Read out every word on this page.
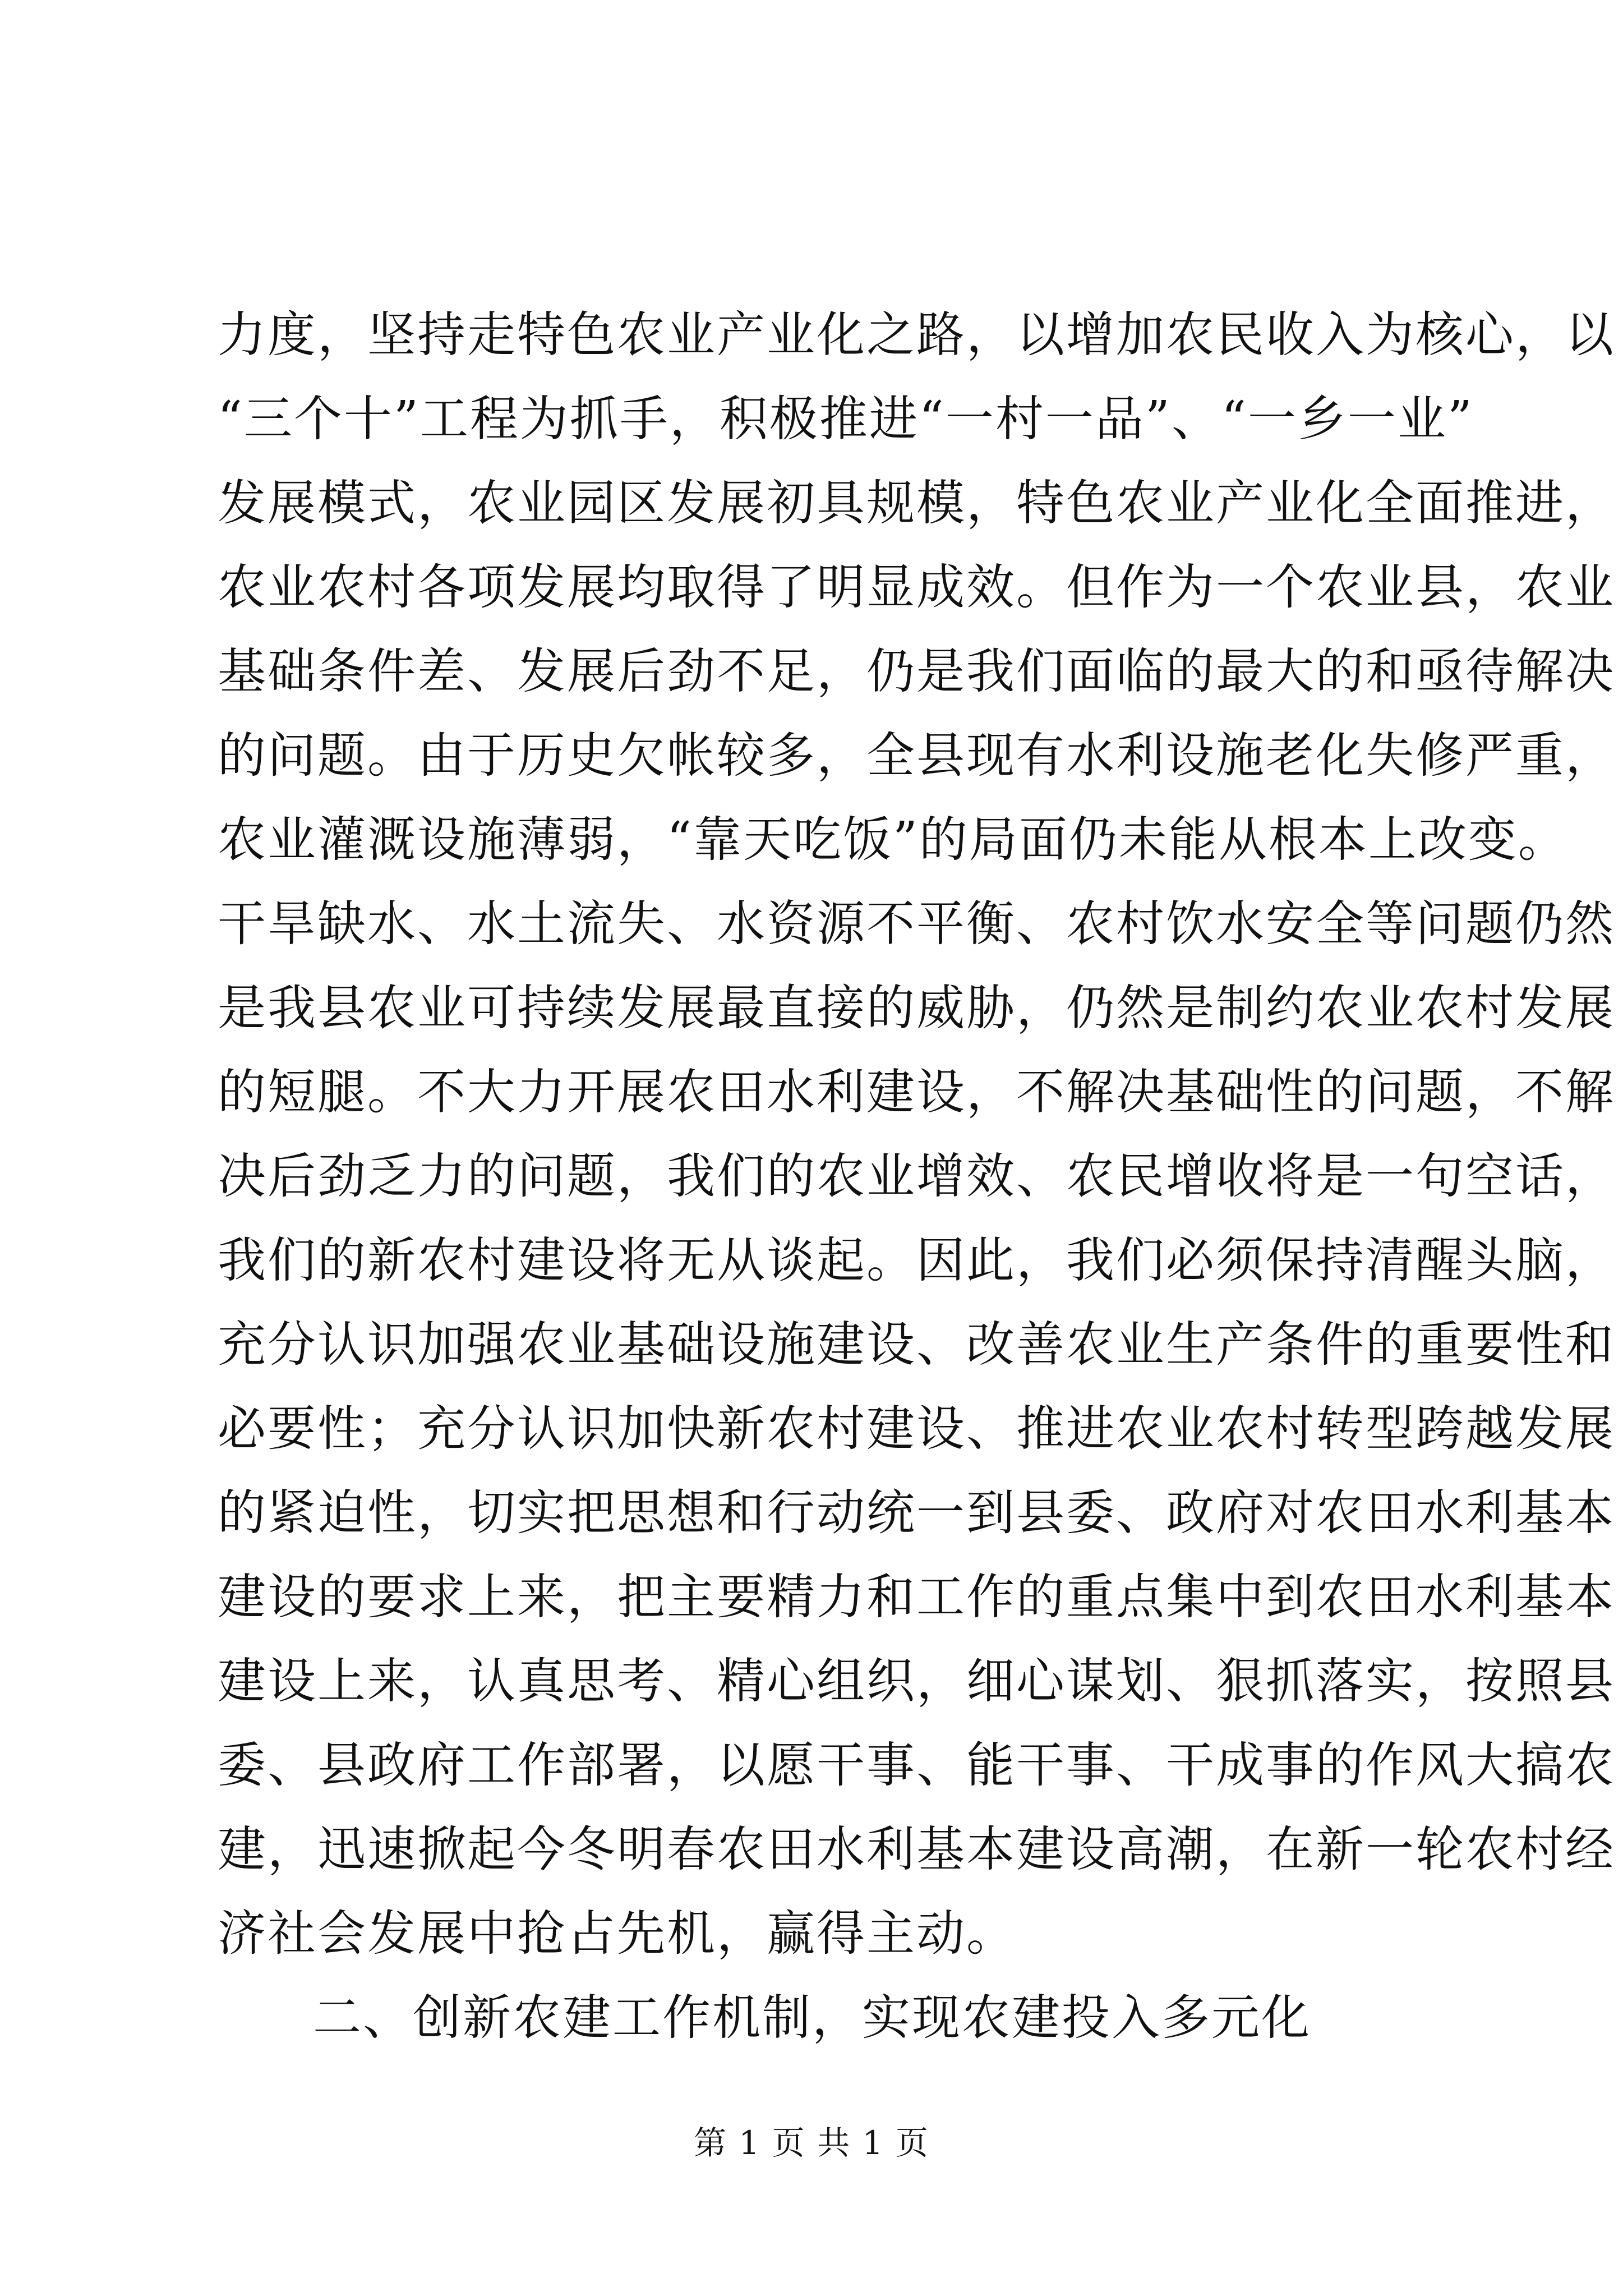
力度，坚持走特色农业产业化之路，以增加农民收入为核心，以
“三个十”工程为抓手，积极推进“一村一品”、“一乡一业”
发展模式，农业园区发展初具规模，特色农业产业化全面推进，
农业农村各项发展均取得了明显成效。但作为一个农业县，农业
基础条件差、发展后劲不足，仍是我们面临的最大的和亟待解决
的问题。由于历史欠帐较多，全县现有水利设施老化失修严重，
农业灌溉设施薄弱，“靠天吃饭”的局面仍未能从根本上改变。
干旱缺水、水土流失、水资源不平衡、农村饮水安全等问题仍然
是我县农业可持续发展最直接的威胁，仍然是制约农业农村发展
的短腿。不大力开展农田水利建设，不解决基础性的问题，不解
决后劲乏力的问题，我们的农业增效、农民增收将是一句空话，
我们的新农村建设将无从谈起。因此，我们必须保持清醒头脑，
充分认识加强农业基础设施建设、改善农业生产条件的重要性和
必要性；充分认识加快新农村建设、推进农业农村转型跨越发展
的紧迫性，切实把思想和行动统一到县委、政府对农田水利基本
建设的要求上来，把主要精力和工作的重点集中到农田水利基本
建设上来，认真思考、精心组织，细心谋划、狠抓落实，按照县
委、县政府工作部署，以愿干事、能干事、干成事的作风大搞农
建，迅速掀起今冬明春农田水利基本建设高潮，在新一轮农村经
济社会发展中抢占先机，赢得主动。
二、创新农建工作机制，实现农建投入多元化
第 1 页 共 1 页
